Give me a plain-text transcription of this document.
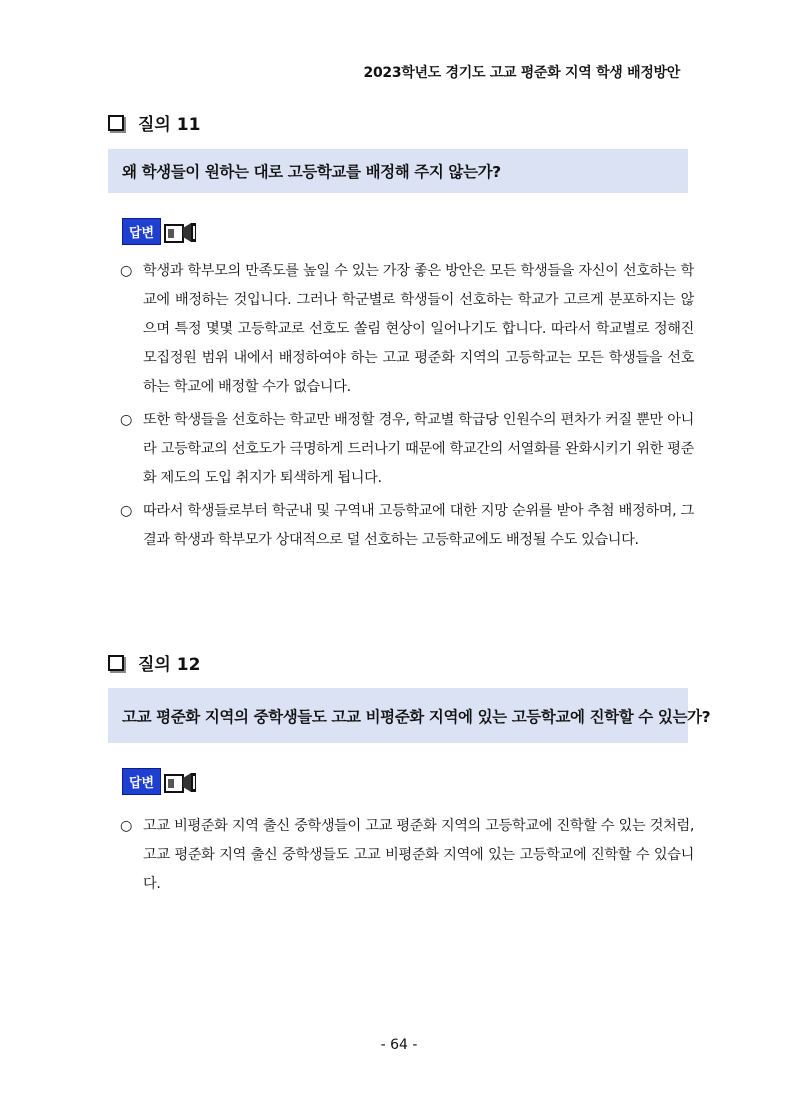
2023학년도 경기도 고교 평준화 지역 학생 배정방안
질의 11
왜 학생들이 원하는 대로 고등학교를 배정해 주지 않는가?
답변
○ 학생과 학부모의 만족도를 높일 수 있는 가장 좋은 방안은 모든 학생들을 자신이 선호하는 학교에 배정하는 것입니다. 그러나 학군별로 학생들이 선호하는 학교가 고르게 분포하지는 않으며 특정 몇몇 고등학교로 선호도 쏠림 현상이 일어나기도 합니다. 따라서 학교별로 정해진 모집정원 범위 내에서 배정하여야 하는 고교 평준화 지역의 고등학교는 모든 학생들을 선호하는 학교에 배정할 수가 없습니다.
○ 또한 학생들을 선호하는 학교만 배정할 경우, 학교별 학급당 인원수의 편차가 커질 뿐만 아니라 고등학교의 선호도가 극명하게 드러나기 때문에 학교간의 서열화를 완화시키기 위한 평준화 제도의 도입 취지가 퇴색하게 됩니다.
○ 따라서 학생들로부터 학군내 및 구역내 고등학교에 대한 지망 순위를 받아 추첨 배정하며, 그 결과 학생과 학부모가 상대적으로 덜 선호하는 고등학교에도 배정될 수도 있습니다.
질의 12
고교 평준화 지역의 중학생들도 고교 비평준화 지역에 있는 고등학교에 진학할 수 있는가?
답변
○ 고교 비평준화 지역 출신 중학생들이 고교 평준화 지역의 고등학교에 진학할 수 있는 것처럼, 고교 평준화 지역 출신 중학생들도 고교 비평준화 지역에 있는 고등학교에 진학할 수 있습니다.
- 64 -
